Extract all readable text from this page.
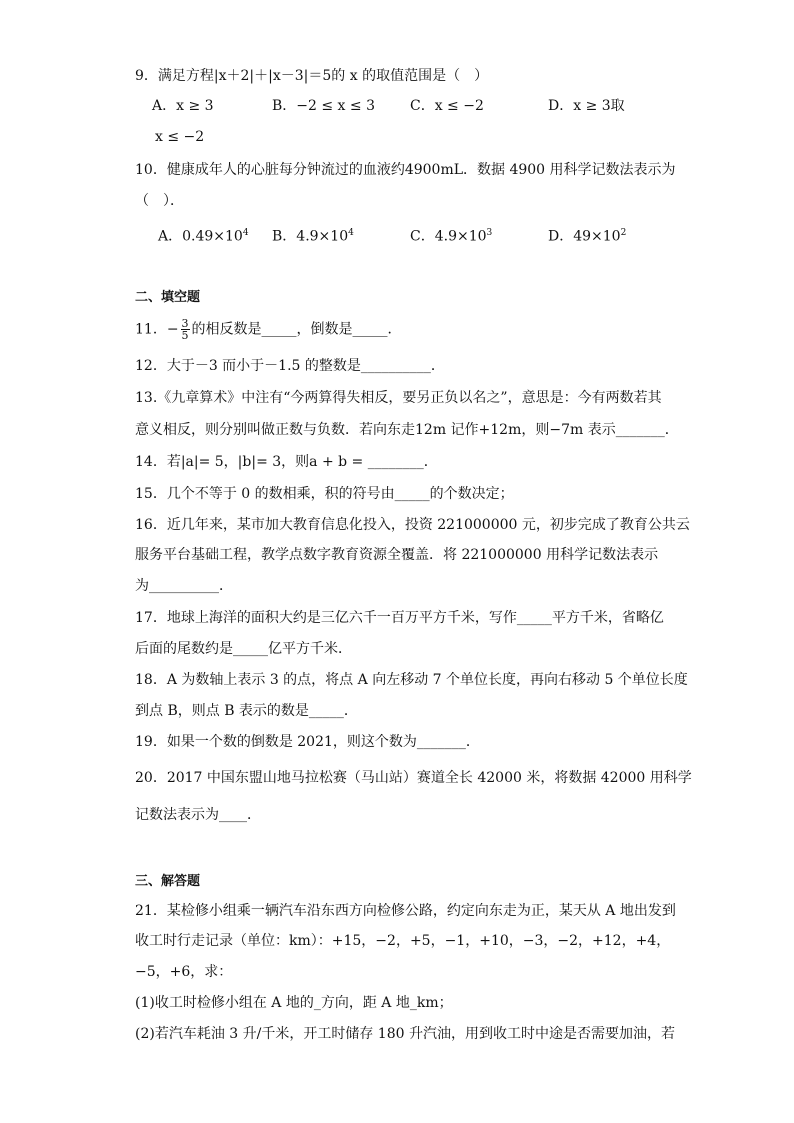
9．满足方程|x＋2|＋|x－3|＝5的 x 的取值范围是（　）
A．x ≥ 3	B．−2 ≤ x ≤ 3	C．x ≤ −2	D．x ≥ 3取
x ≤ −2
10．健康成年人的心脏每分钟流过的血液约4900mL．数据 4900 用科学记数法表示为
（　）．
A．$0.49\times 10^4$ B．$4.9\times 10^4$	C．$4.9\times 10^3$	D．$49\times 10^2$
二、填空题
11．− $\frac{3}{5}$ 的相反数是_____，倒数是_____．
12．大于－3 而小于－1.5 的整数是__________．
13.《九章算术》中注有“今两算得失相反，要另正负以名之”，意思是：今有两数若其
意义相反，则分别叫做正数与负数．若向东走12m 记作+12m，则−7m 表示_______．
14．若|a|= 5，|b|= 3，则a + b = ________．
15．几个不等于 0 的数相乘，积的符号由_____的个数决定；
16．近几年来，某市加大教育信息化投入，投资 221000000 元，初步完成了教育公共云
服务平台基础工程，教学点数字教育资源全覆盖．将 221000000 用科学记数法表示
为__________．
17．地球上海洋的面积大约是三亿六千一百万平方千米，写作_____平方千米，省略亿
后面的尾数约是_____亿平方千米．
18．A 为数轴上表示 3 的点，将点 A 向左移动 7 个单位长度，再向右移动 5 个单位长度
到点 B，则点 B 表示的数是_____．
19．如果一个数的倒数是 2021，则这个数为_______．
20．2017 中国东盟山地马拉松赛（马山站）赛道全长 42000 米，将数据 42000 用科学
记数法表示为____．
三、解答题
21．某检修小组乘一辆汽车沿东西方向检修公路，约定向东走为正，某天从 A 地出发到
收工时行走记录（单位：km）：+15，−2，+5，−1，+10，−3，−2，+12，+4，
−5，+6，求：
(1)收工时检修小组在 A 地的_方向，距 A 地_km；
(2)若汽车耗油 3 升/千米，开工时储存 180 升汽油，用到收工时中途是否需要加油，若
